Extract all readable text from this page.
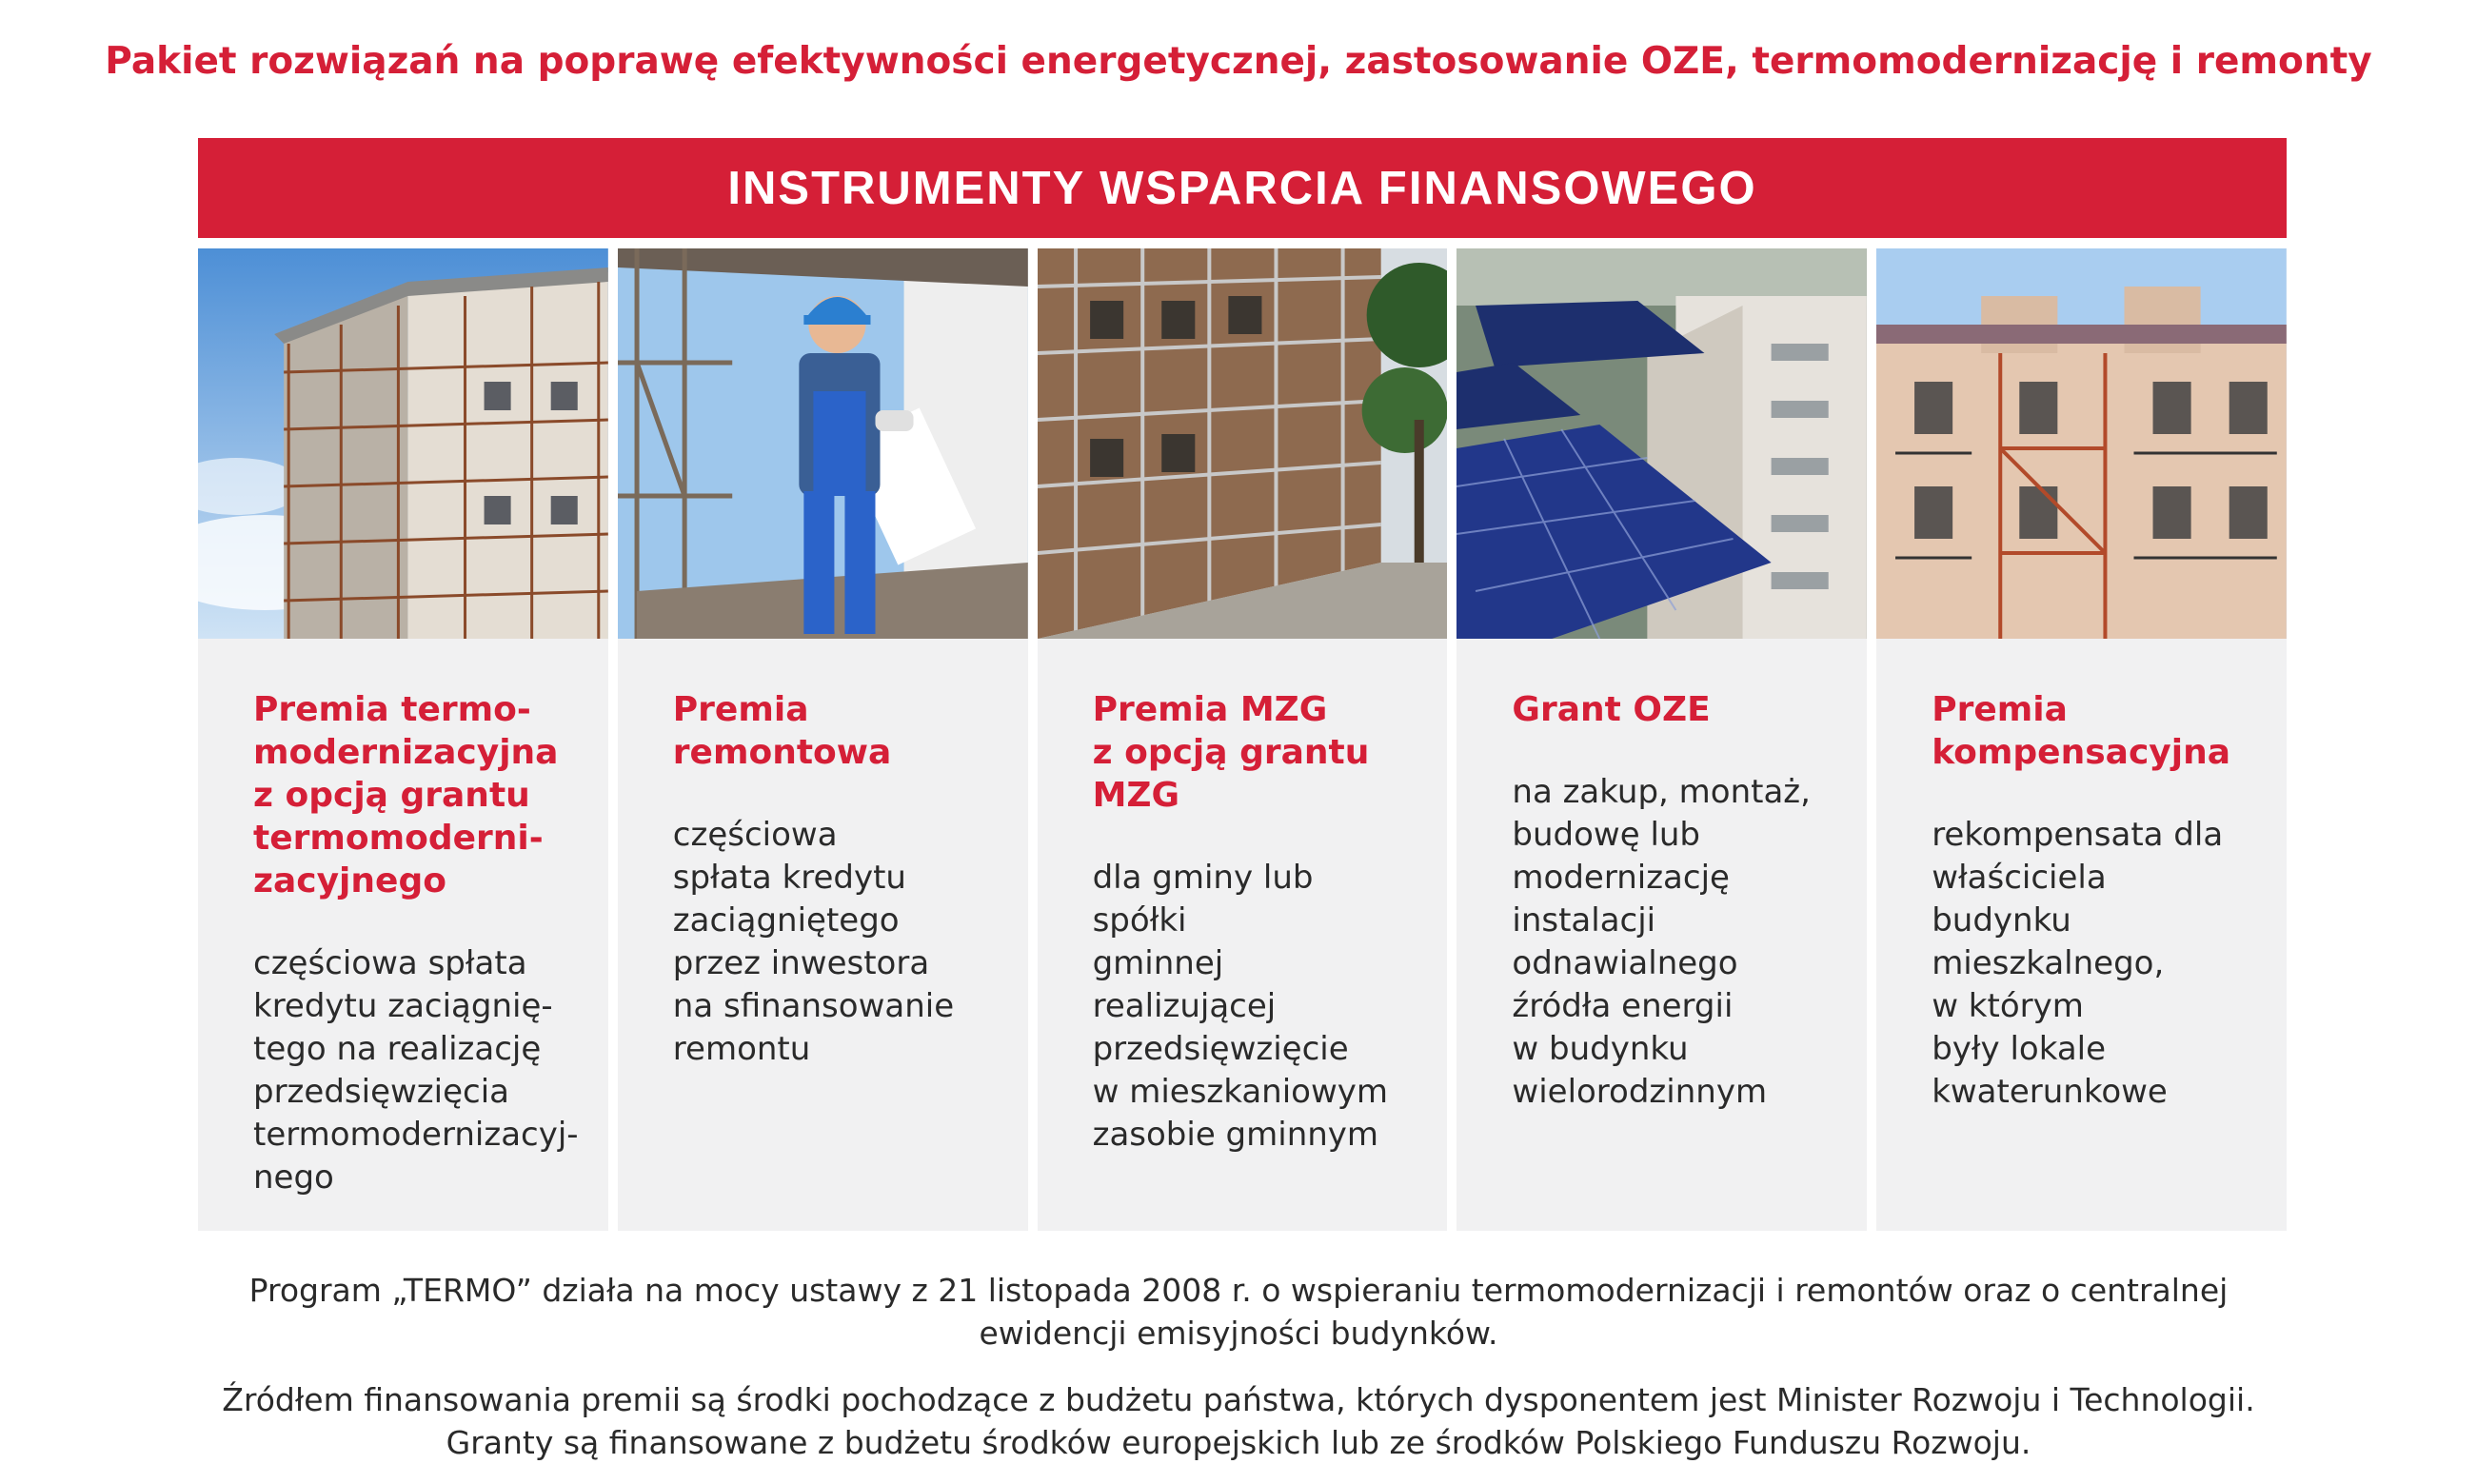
Pakiet rozwiązań na poprawę efektywności energetycznej, zastosowanie OZE, termomodernizację i remonty
INSTRUMENTY WSPARCIA FINANSOWEGO
Premia termo-
modernizacyjna
z opcją grantu
termomoderni-
zacyjnego

częściowa spłata
kredytu zaciągnię-
tego na realizację
przedsięwzięcia
termomodernizacyj-
nego

Premia
remontowa

częściowa
spłata kredytu
zaciągniętego
przez inwestora
na sfinansowanie
remontu

Premia MZG
z opcją grantu
MZG

dla gminy lub spółki
gminnej realizującej
przedsięwzięcie
w mieszkaniowym
zasobie gminnym

Grant OZE

na zakup, montaż,
budowę lub
modernizację
instalacji
odnawialnego
źródła energii
w budynku
wielorodzinnym

Premia
kompensacyjna

rekompensata dla
właściciela budynku
mieszkalnego,
w którym
były lokale
kwaterunkowe

Program „TERMO” działa na mocy ustawy z 21 listopada 2008 r. o wspieraniu termomodernizacji i remontów oraz o centralnej
ewidencji emisyjności budynków.
Źródłem finansowania premii są środki pochodzące z budżetu państwa, których dysponentem jest Minister Rozwoju i Technologii.
Granty są finansowane z budżetu środków europejskich lub ze środków Polskiego Funduszu Rozwoju.
